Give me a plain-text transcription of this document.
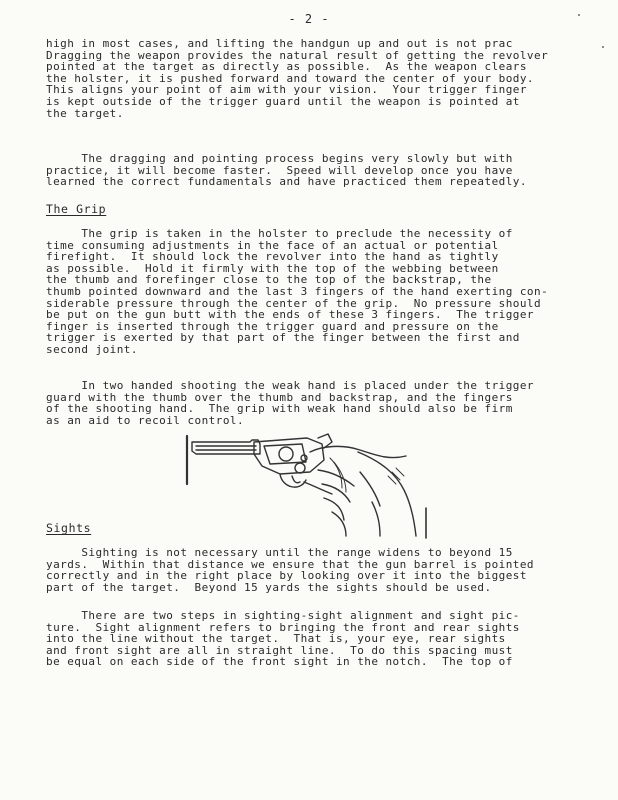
- 2 -
high in most cases, and lifting the handgun up and out is not prac
Dragging the weapon provides the natural result of getting the revolver
pointed at the target as directly as possible.  As the weapon clears
the holster, it is pushed forward and toward the center of your body.
This aligns your point of aim with your vision.  Your trigger finger
is kept outside of the trigger guard until the weapon is pointed at
the target.
The dragging and pointing process begins very slowly but with
practice, it will become faster.  Speed will develop once you have
learned the correct fundamentals and have practiced them repeatedly.
The Grip
The grip is taken in the holster to preclude the necessity of
time consuming adjustments in the face of an actual or potential
firefight.  It should lock the revolver into the hand as tightly
as possible.  Hold it firmly with the top of the webbing between
the thumb and forefinger close to the top of the backstrap, the
thumb pointed downward and the last 3 fingers of the hand exerting con-
siderable pressure through the center of the grip.  No pressure should
be put on the gun butt with the ends of these 3 fingers.  The trigger
finger is inserted through the trigger guard and pressure on the
trigger is exerted by that part of the finger between the first and
second joint.
In two handed shooting the weak hand is placed under the trigger
guard with the thumb over the thumb and backstrap, and the fingers
of the shooting hand.  The grip with weak hand should also be firm
as an aid to recoil control.
Sights
Sighting is not necessary until the range widens to beyond 15
yards.  Within that distance we ensure that the gun barrel is pointed
correctly and in the right place by looking over it into the biggest
part of the target.  Beyond 15 yards the sights should be used.
There are two steps in sighting-sight alignment and sight pic-
ture.  Sight alignment refers to bringing the front and rear sights
into the line without the target.  That is, your eye, rear sights
and front sight are all in straight line.  To do this spacing must
be equal on each side of the front sight in the notch.  The top of
